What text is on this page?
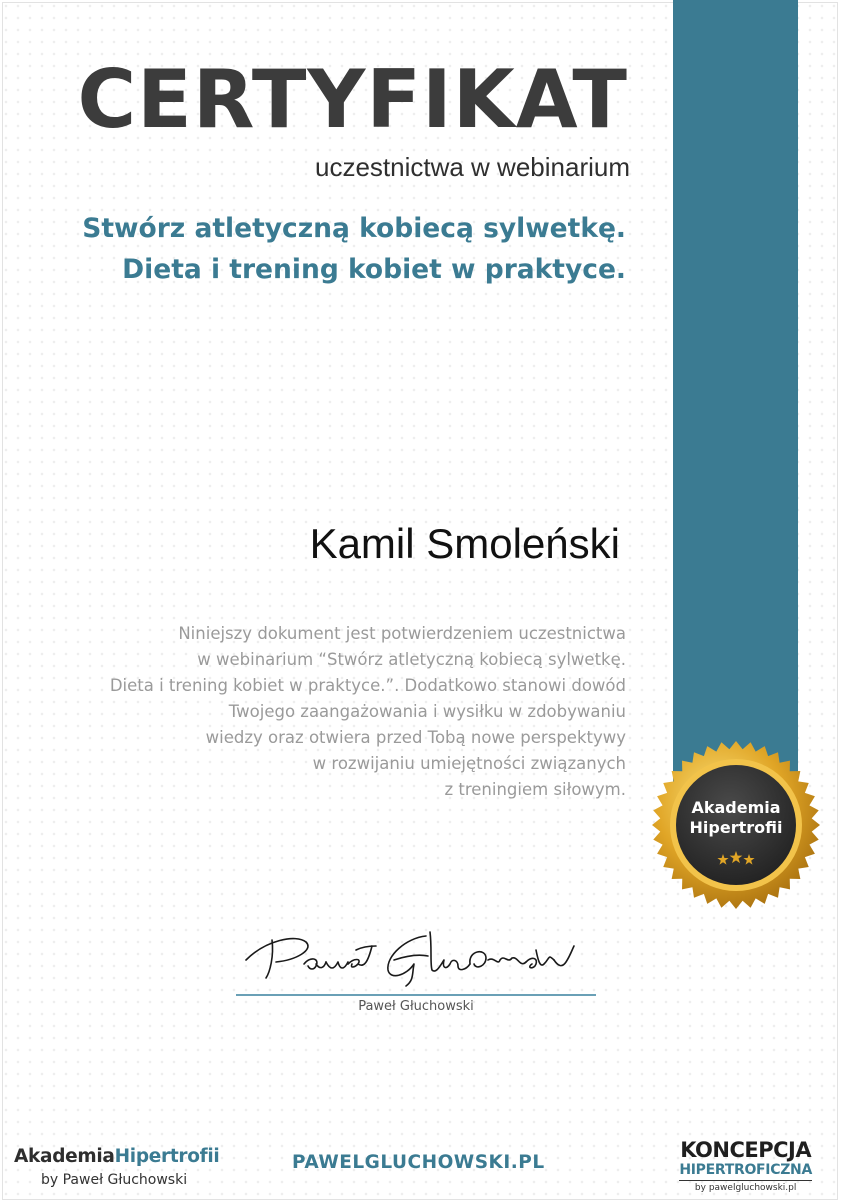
CERTYFIKAT
uczestnictwa w webinarium
Stwórz atletyczną kobiecą sylwetkę.
Dieta i trening kobiet w praktyce.
Kamil Smoleński
Niniejszy dokument jest potwierdzeniem uczestnictwa
w webinarium “Stwórz atletyczną kobiecą sylwetkę.
Dieta i trening kobiet w praktyce.”. Dodatkowo stanowi dowód
Twojego zaangażowania i wysiłku w zdobywaniu
wiedzy oraz otwiera przed Tobą nowe perspektywy
w rozwijaniu umiejętności związanych
z treningiem siłowym.
Akademia
Hipertrofii
Paweł Głuchowski
AkademiaHipertrofii
by Paweł Głuchowski
PAWELGLUCHOWSKI.PL
KONCEPCJA
HIPERTROFICZNA
by pawelgluchowski.pl
